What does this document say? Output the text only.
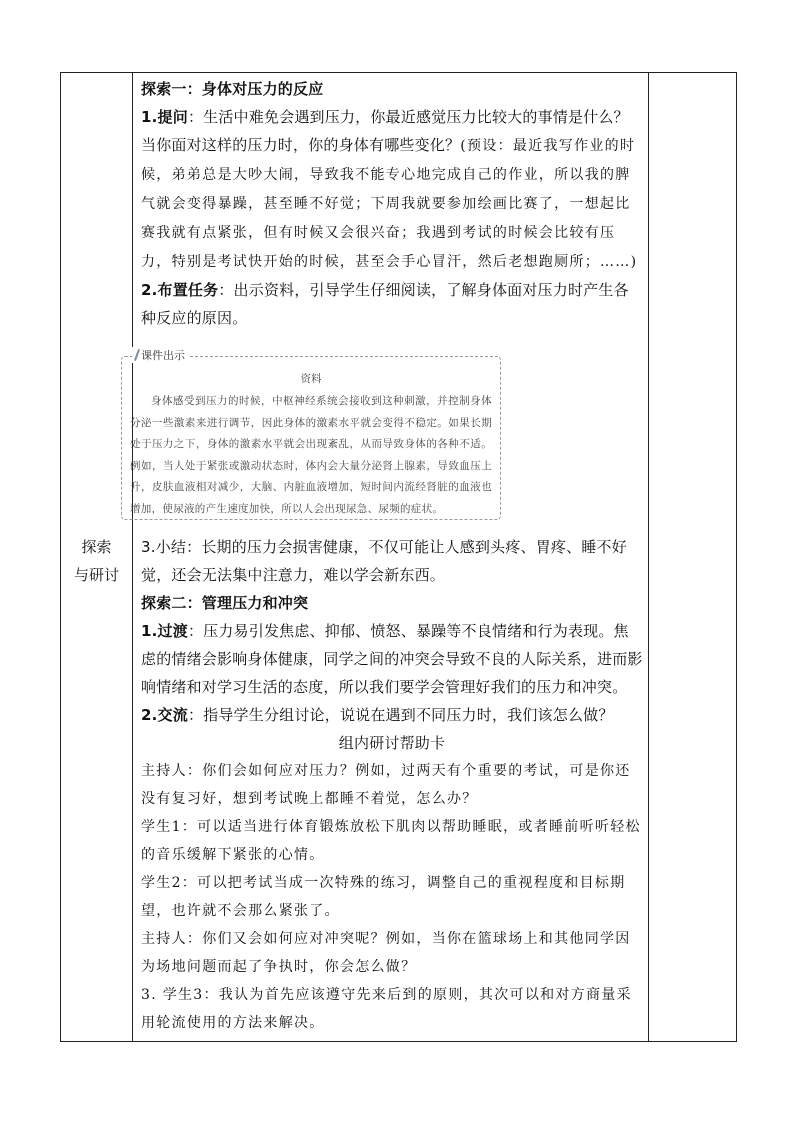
探索
与研讨

探索一：身体对压力的反应

1.提问：生活中难免会遇到压力，你最近感觉压力比较大的事情是什么？当你面对这样的压力时，你的身体有哪些变化？(预设：最近我写作业的时候，弟弟总是大吵大闹，导致我不能专心地完成自己的作业，所以我的脾气就会变得暴躁，甚至睡不好觉；下周我就要参加绘画比赛了，一想起比赛我就有点紧张，但有时候又会很兴奋；我遇到考试的时候会比较有压力，特别是考试快开始的时候，甚至会手心冒汗，然后老想跑厕所；……)

2.布置任务：出示资料，引导学生仔细阅读，了解身体面对压力时产生各种反应的原因。

课件出示
资料
身体感受到压力的时候，中枢神经系统会接收到这种刺激，并控制身体分泌一些激素来进行调节，因此身体的激素水平就会变得不稳定。如果长期处于压力之下，身体的激素水平就会出现紊乱，从而导致身体的各种不适。例如，当人处于紧张或激动状态时，体内会大量分泌肾上腺素，导致血压上升，皮肤血液相对减少，大脑、内脏血液增加，短时间内流经肾脏的血液也增加，使尿液的产生速度加快，所以人会出现尿急、尿频的症状。

3.小结：长期的压力会损害健康，不仅可能让人感到头疼、胃疼、睡不好觉，还会无法集中注意力，难以学会新东西。

探索二：管理压力和冲突

1.过渡：压力易引发焦虑、抑郁、愤怒、暴躁等不良情绪和行为表现。焦虑的情绪会影响身体健康，同学之间的冲突会导致不良的人际关系，进而影响情绪和对学习生活的态度，所以我们要学会管理好我们的压力和冲突。

2.交流：指导学生分组讨论，说说在遇到不同压力时，我们该怎么做？

组内研讨帮助卡

主持人：你们会如何应对压力？例如，过两天有个重要的考试，可是你还没有复习好，想到考试晚上都睡不着觉，怎么办？

学生1：可以适当进行体育锻炼放松下肌肉以帮助睡眠，或者睡前听听轻松的音乐缓解下紧张的心情。

学生2：可以把考试当成一次特殊的练习，调整自己的重视程度和目标期望，也许就不会那么紧张了。

主持人：你们又会如何应对冲突呢？例如，当你在篮球场上和其他同学因为场地问题而起了争执时，你会怎么做？

3. 学生3：我认为首先应该遵守先来后到的原则，其次可以和对方商量采用轮流使用的方法来解决。
